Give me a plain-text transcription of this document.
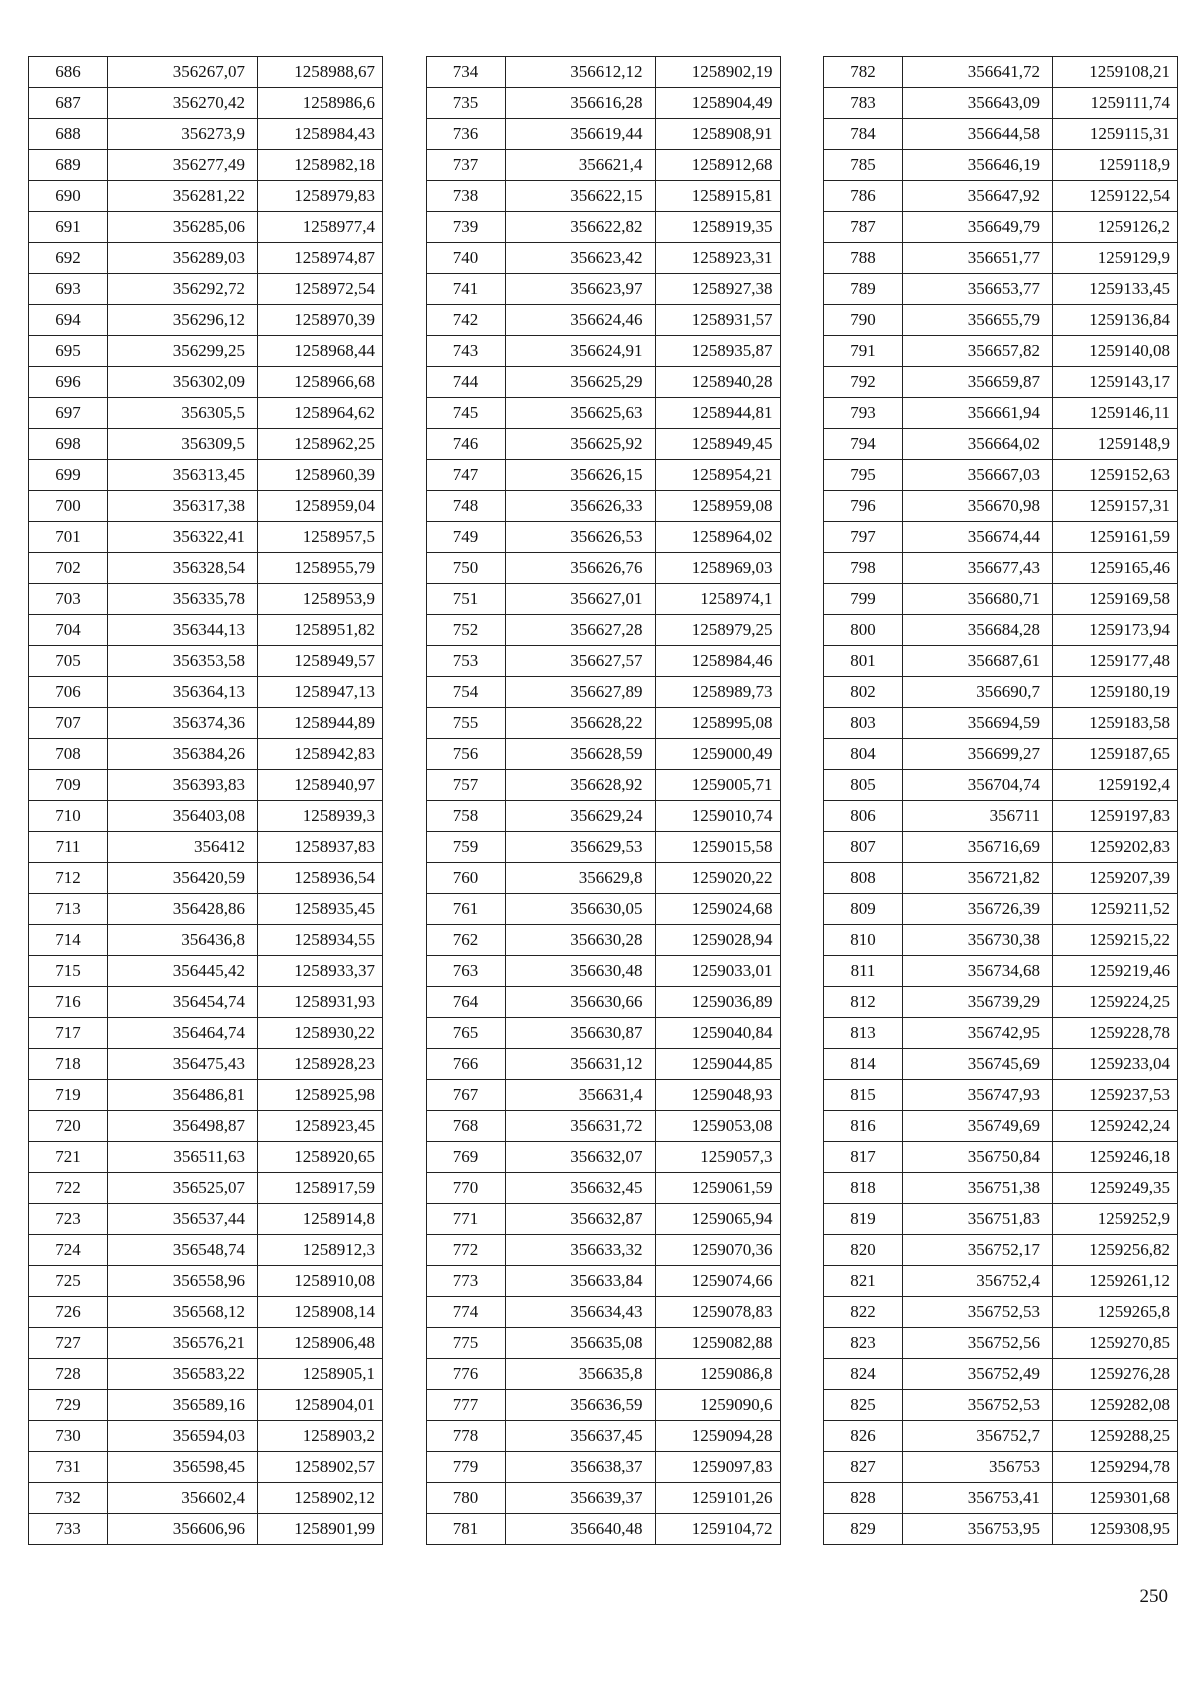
686	356267,07	1258988,67
687	356270,42	1258986,6
688	356273,9	1258984,43
689	356277,49	1258982,18
690	356281,22	1258979,83
691	356285,06	1258977,4
692	356289,03	1258974,87
693	356292,72	1258972,54
694	356296,12	1258970,39
695	356299,25	1258968,44
696	356302,09	1258966,68
697	356305,5	1258964,62
698	356309,5	1258962,25
699	356313,45	1258960,39
700	356317,38	1258959,04
701	356322,41	1258957,5
702	356328,54	1258955,79
703	356335,78	1258953,9
704	356344,13	1258951,82
705	356353,58	1258949,57
706	356364,13	1258947,13
707	356374,36	1258944,89
708	356384,26	1258942,83
709	356393,83	1258940,97
710	356403,08	1258939,3
711	356412	1258937,83
712	356420,59	1258936,54
713	356428,86	1258935,45
714	356436,8	1258934,55
715	356445,42	1258933,37
716	356454,74	1258931,93
717	356464,74	1258930,22
718	356475,43	1258928,23
719	356486,81	1258925,98
720	356498,87	1258923,45
721	356511,63	1258920,65
722	356525,07	1258917,59
723	356537,44	1258914,8
724	356548,74	1258912,3
725	356558,96	1258910,08
726	356568,12	1258908,14
727	356576,21	1258906,48
728	356583,22	1258905,1
729	356589,16	1258904,01
730	356594,03	1258903,2
731	356598,45	1258902,57
732	356602,4	1258902,12
733	356606,96	1258901,99
734	356612,12	1258902,19
735	356616,28	1258904,49
736	356619,44	1258908,91
737	356621,4	1258912,68
738	356622,15	1258915,81
739	356622,82	1258919,35
740	356623,42	1258923,31
741	356623,97	1258927,38
742	356624,46	1258931,57
743	356624,91	1258935,87
744	356625,29	1258940,28
745	356625,63	1258944,81
746	356625,92	1258949,45
747	356626,15	1258954,21
748	356626,33	1258959,08
749	356626,53	1258964,02
750	356626,76	1258969,03
751	356627,01	1258974,1
752	356627,28	1258979,25
753	356627,57	1258984,46
754	356627,89	1258989,73
755	356628,22	1258995,08
756	356628,59	1259000,49
757	356628,92	1259005,71
758	356629,24	1259010,74
759	356629,53	1259015,58
760	356629,8	1259020,22
761	356630,05	1259024,68
762	356630,28	1259028,94
763	356630,48	1259033,01
764	356630,66	1259036,89
765	356630,87	1259040,84
766	356631,12	1259044,85
767	356631,4	1259048,93
768	356631,72	1259053,08
769	356632,07	1259057,3
770	356632,45	1259061,59
771	356632,87	1259065,94
772	356633,32	1259070,36
773	356633,84	1259074,66
774	356634,43	1259078,83
775	356635,08	1259082,88
776	356635,8	1259086,8
777	356636,59	1259090,6
778	356637,45	1259094,28
779	356638,37	1259097,83
780	356639,37	1259101,26
781	356640,48	1259104,72
782	356641,72	1259108,21
783	356643,09	1259111,74
784	356644,58	1259115,31
785	356646,19	1259118,9
786	356647,92	1259122,54
787	356649,79	1259126,2
788	356651,77	1259129,9
789	356653,77	1259133,45
790	356655,79	1259136,84
791	356657,82	1259140,08
792	356659,87	1259143,17
793	356661,94	1259146,11
794	356664,02	1259148,9
795	356667,03	1259152,63
796	356670,98	1259157,31
797	356674,44	1259161,59
798	356677,43	1259165,46
799	356680,71	1259169,58
800	356684,28	1259173,94
801	356687,61	1259177,48
802	356690,7	1259180,19
803	356694,59	1259183,58
804	356699,27	1259187,65
805	356704,74	1259192,4
806	356711	1259197,83
807	356716,69	1259202,83
808	356721,82	1259207,39
809	356726,39	1259211,52
810	356730,38	1259215,22
811	356734,68	1259219,46
812	356739,29	1259224,25
813	356742,95	1259228,78
814	356745,69	1259233,04
815	356747,93	1259237,53
816	356749,69	1259242,24
817	356750,84	1259246,18
818	356751,38	1259249,35
819	356751,83	1259252,9
820	356752,17	1259256,82
821	356752,4	1259261,12
822	356752,53	1259265,8
823	356752,56	1259270,85
824	356752,49	1259276,28
825	356752,53	1259282,08
826	356752,7	1259288,25
827	356753	1259294,78
828	356753,41	1259301,68
829	356753,95	1259308,95
250
